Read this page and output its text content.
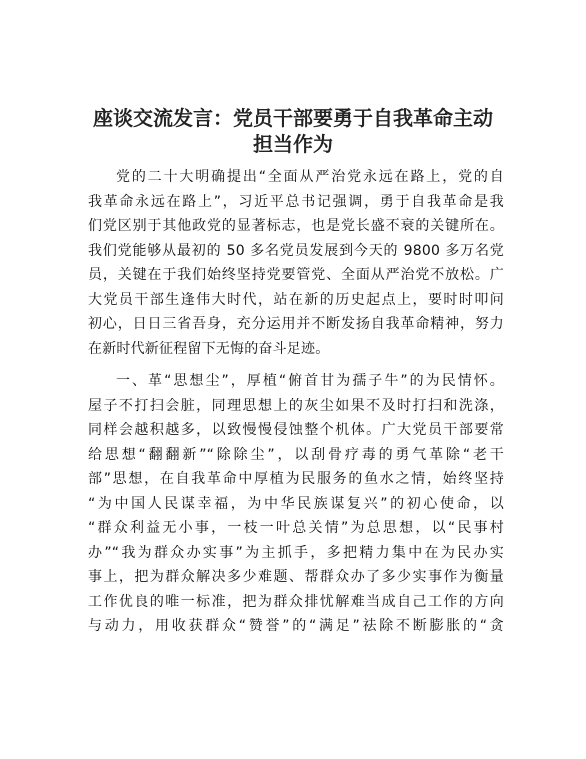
座谈交流发言：党员干部要勇于自我革命主动
担当作为
党的二十大明确提出“全面从严治党永远在路上，党的自
我革命永远在路上”，习近平总书记强调，勇于自我革命是我
们党区别于其他政党的显著标志，也是党长盛不衰的关键所在。
我们党能够从最初的 50 多名党员发展到今天的 9800 多万名党
员，关键在于我们始终坚持党要管党、全面从严治党不放松。广
大党员干部生逢伟大时代，站在新的历史起点上，要时时叩问
初心，日日三省吾身，充分运用并不断发扬自我革命精神，努力
在新时代新征程留下无悔的奋斗足迹。
一、革“思想尘”，厚植“俯首甘为孺子牛”的为民情怀。
屋子不打扫会脏，同理思想上的灰尘如果不及时打扫和洗涤，
同样会越积越多，以致慢慢侵蚀整个机体。广大党员干部要常
给思想“翻翻新”“除除尘”，以刮骨疗毒的勇气革除“老干
部”思想，在自我革命中厚植为民服务的鱼水之情，始终坚持
“为中国人民谋幸福，为中华民族谋复兴”的初心使命，以
“群众利益无小事，一枝一叶总关情”为总思想，以“民事村
办”“我为群众办实事”为主抓手，多把精力集中在为民办实
事上，把为群众解决多少难题、帮群众办了多少实事作为衡量
工作优良的唯一标准，把为群众排忧解难当成自己工作的方向
与动力，用收获群众“赞誉”的“满足”祛除不断膨胀的“贪
